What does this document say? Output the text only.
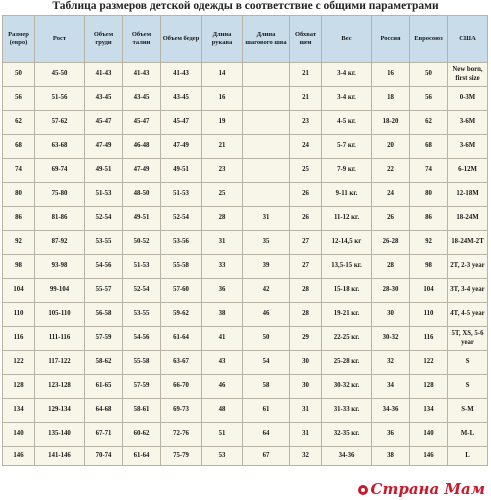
Таблица размеров детской одежды в соответствие с общими параметрами
Размер (евро)	Рост	Объем груди	Объем талии	Объем бедер	Длина рукава	Длина шагового шва	Обхват шеи	Вес	Россия	Евросоюз	США
50	45-50	41-43	41-43	41-43	14		21	3-4 кг.	16	50	New born, first size
56	51-56	43-45	43-45	43-45	16		21	3-4 кг.	18	56	0-3M
62	57-62	45-47	45-47	45-47	19		23	4-5 кг.	18-20	62	3-6M
68	63-68	47-49	46-48	47-49	21		24	5-7 кг.	20	68	3-6M
74	69-74	49-51	47-49	49-51	23		25	7-9 кг.	22	74	6-12M
80	75-80	51-53	48-50	51-53	25		26	9-11 кг.	24	80	12-18M
86	81-86	52-54	49-51	52-54	28	31	26	11-12 кг.	26	86	18-24M
92	87-92	53-55	50-52	53-56	31	35	27	12-14,5 кг	26-28	92	18-24M-2T
98	93-98	54-56	51-53	55-58	33	39	27	13,5-15 кг.	28	98	2T, 2-3 year
104	99-104	55-57	52-54	57-60	36	42	28	15-18 кг.	28-30	104	3T, 3-4 year
110	105-110	56-58	53-55	59-62	38	46	28	19-21 кг.	30	110	4T, 4-5 year
116	111-116	57-59	54-56	61-64	41	50	29	22-25 кг.	30-32	116	5T, XS, 5-6 year
122	117-122	58-62	55-58	63-67	43	54	30	25-28 кг.	32	122	S
128	123-128	61-65	57-59	66-70	46	58	30	30-32 кг.	34	128	S
134	129-134	64-68	58-61	69-73	48	61	31	31-33 кг.	34-36	134	S-M
140	135-140	67-71	60-62	72-76	51	64	31	32-35 кг.	36	140	M-L
146	141-146	70-74	61-64	75-79	53	67	32	34-36	38	146	L
Страна Мам
